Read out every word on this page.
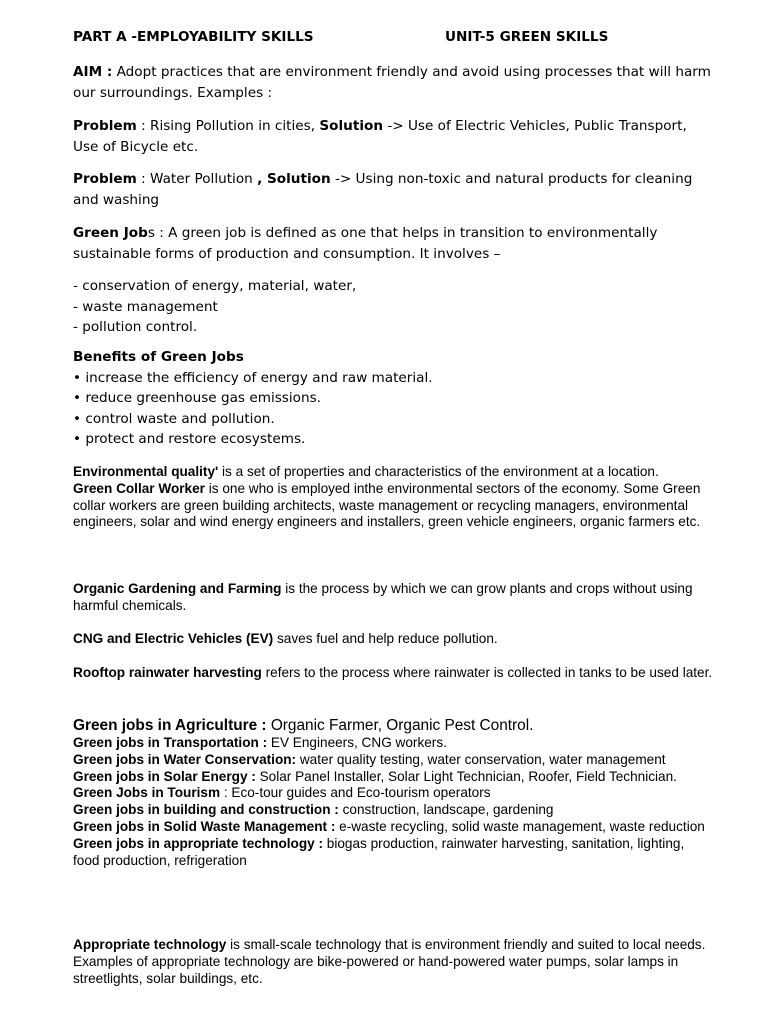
PART A -EMPLOYABILITY SKILLS	UNIT-5 GREEN SKILLS

AIM : Adopt practices that are environment friendly and avoid using processes that will harm our surroundings. Examples :

Problem : Rising Pollution in cities, Solution -> Use of Electric Vehicles, Public Transport, Use of Bicycle etc.

Problem : Water Pollution , Solution -> Using non-toxic and natural products for cleaning and washing

Green Jobs : A green job is defined as one that helps in transition to environmentally sustainable forms of production and consumption. It involves –

- conservation of energy, material, water,
- waste management
- pollution control.
Benefits of Green Jobs
• increase the efficiency of energy and raw material.
• reduce greenhouse gas emissions.
• control waste and pollution.
• protect and restore ecosystems.

Environmental quality' is a set of properties and characteristics of the environment at a location.

Green Collar Worker is one who is employed inthe environmental sectors of the economy. Some Green collar workers are green building architects, waste management or recycling managers, environmental engineers, solar and wind energy engineers and installers, green vehicle engineers, organic farmers etc.

Organic Gardening and Farming is the process by which we can grow plants and crops without using harmful chemicals.

CNG and Electric Vehicles (EV) saves fuel and help reduce pollution.

Rooftop rainwater harvesting refers to the process where rainwater is collected in tanks to be used later.

Green jobs in Agriculture : Organic Farmer, Organic Pest Control.

Green jobs in Transportation : EV Engineers, CNG workers.

Green jobs in Water Conservation: water quality testing, water conservation, water management

Green jobs in Solar Energy : Solar Panel Installer, Solar Light Technician, Roofer, Field Technician.

Green Jobs in Tourism : Eco-tour guides and Eco-tourism operators

Green jobs in building and construction : construction, landscape, gardening

Green jobs in Solid Waste Management : e-waste recycling, solid waste management, waste reduction

Green jobs in appropriate technology : biogas production, rainwater harvesting, sanitation, lighting, food production, refrigeration

Appropriate technology is small-scale technology that is environment friendly and suited to local needs. Examples of appropriate technology are bike-powered or hand-powered water pumps, solar lamps in streetlights, solar buildings, etc.
